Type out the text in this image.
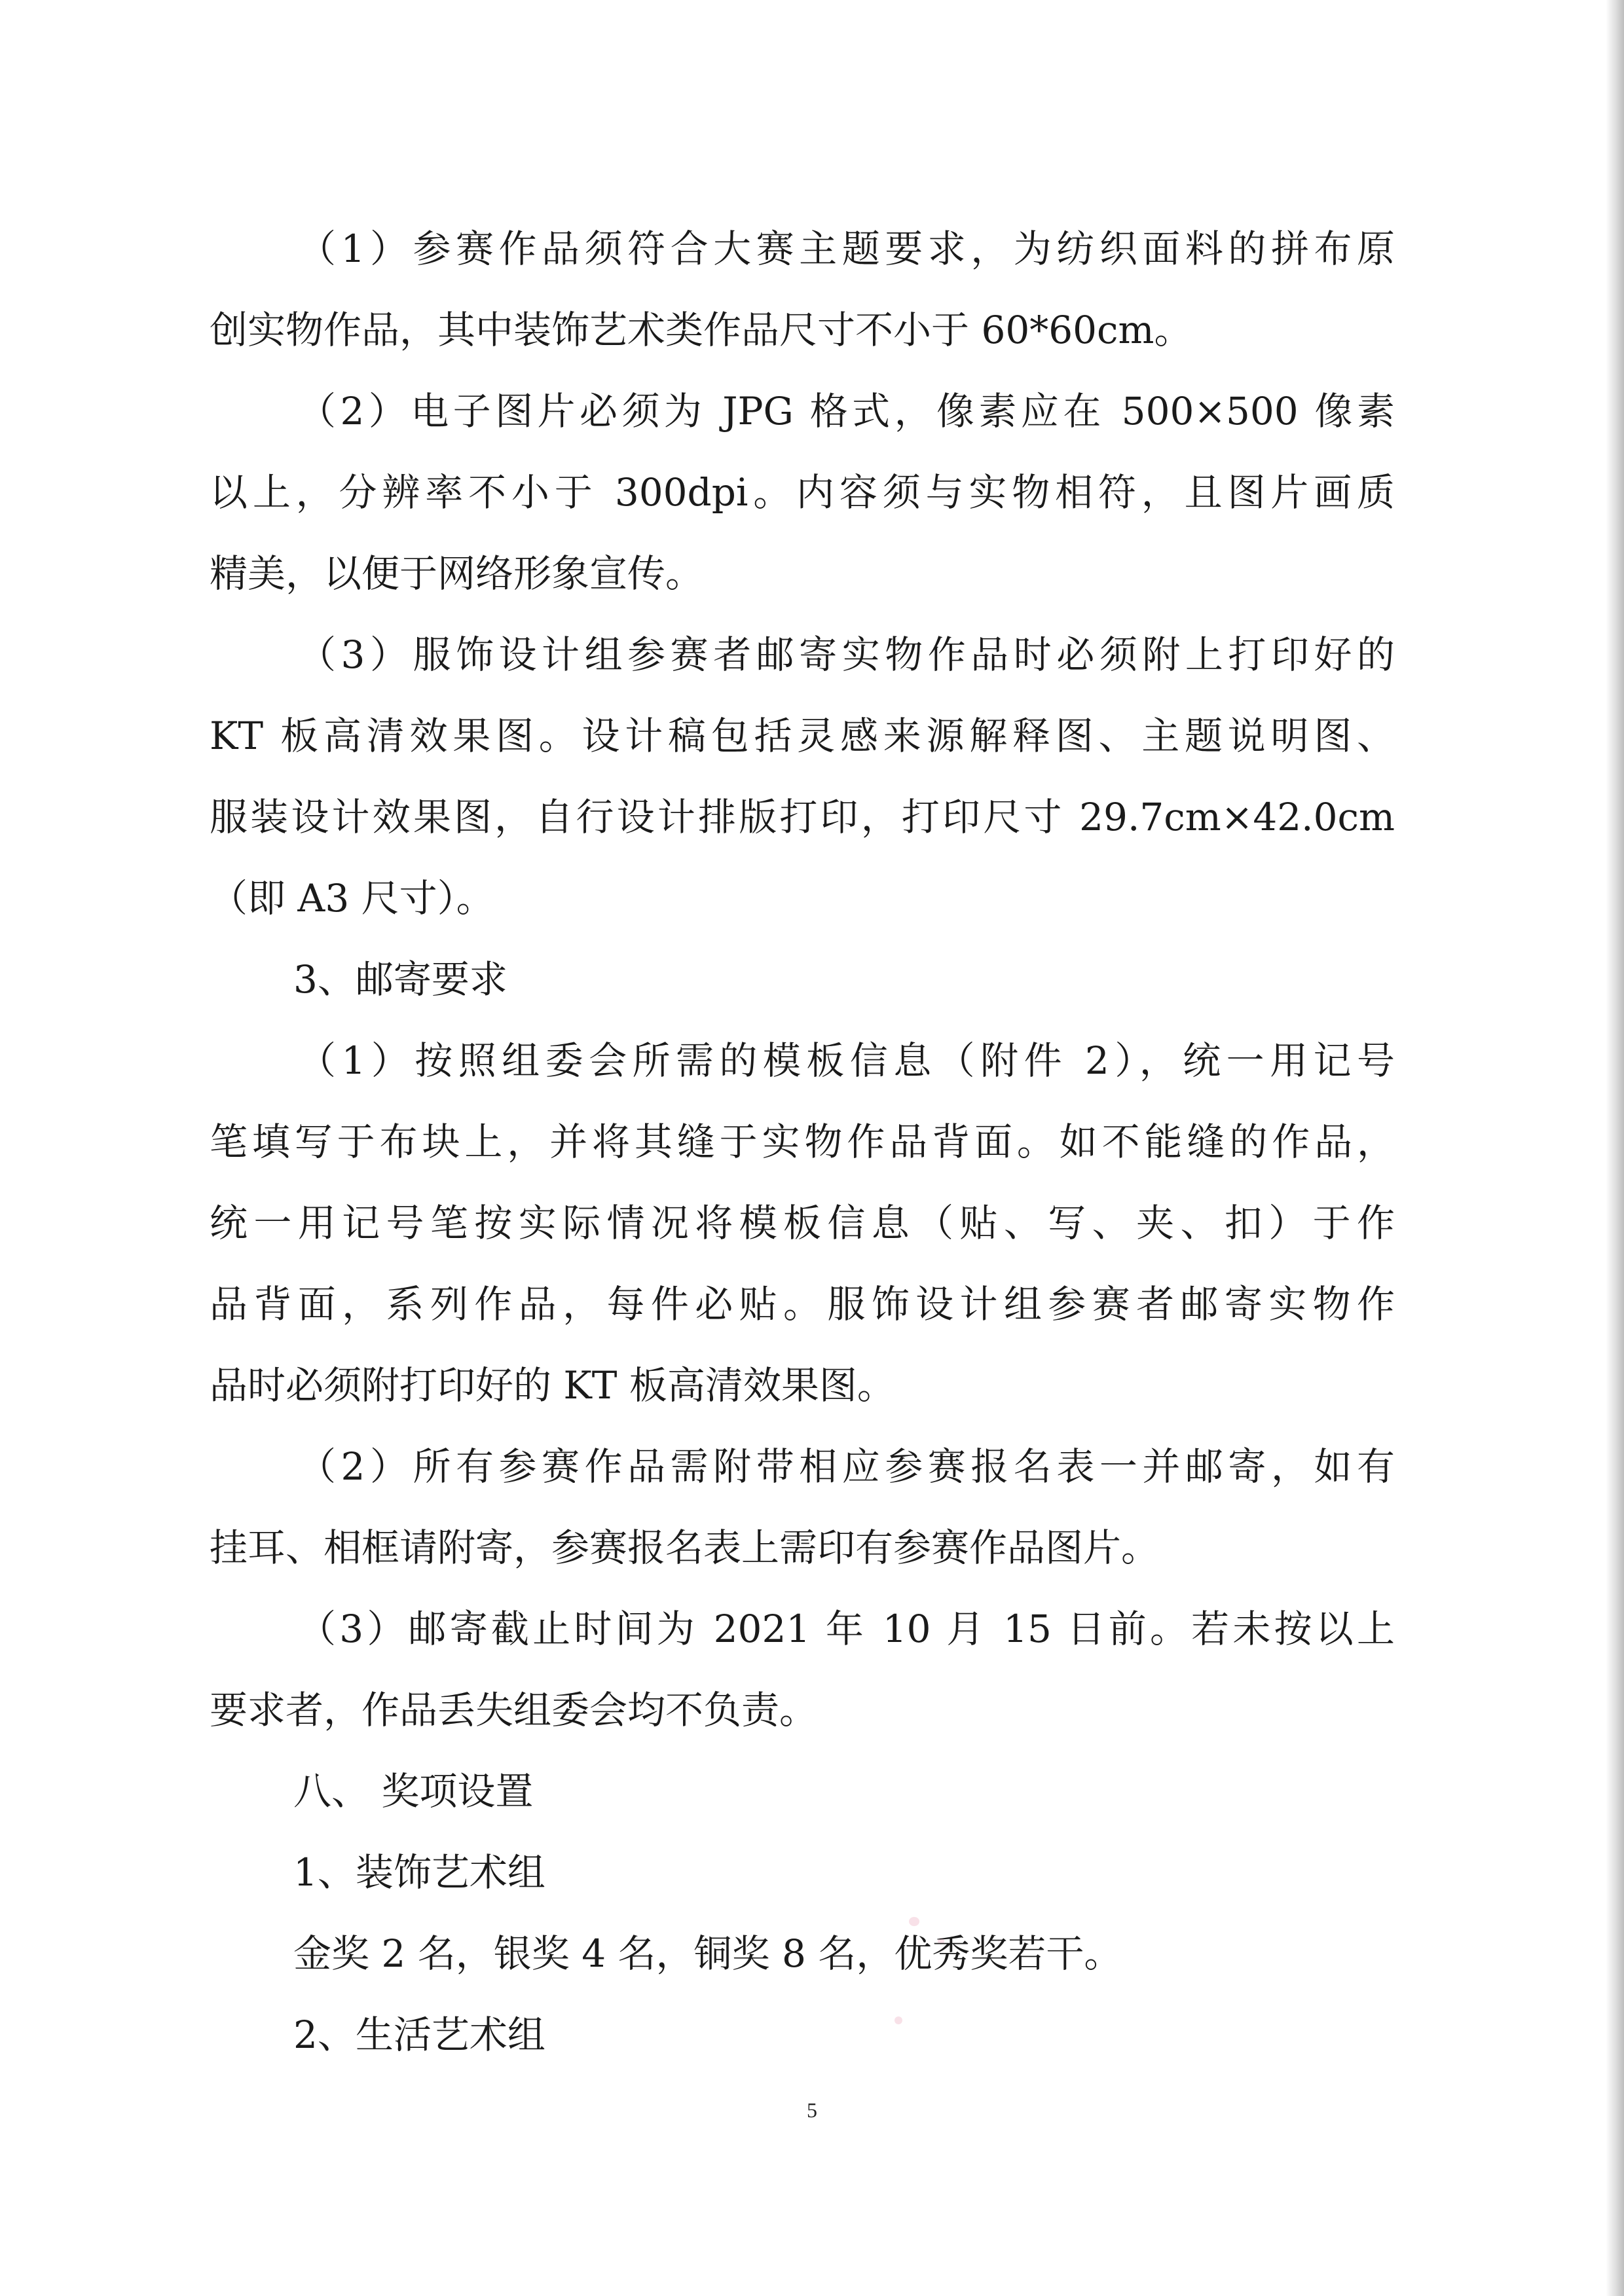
（1）参赛作品须符合大赛主题要求，为纺织面料的拼布原
创实物作品，其中装饰艺术类作品尺寸不小于 60*60cm。
（2）电子图片必须为 JPG 格式，像素应在 500×500 像素
以上，分辨率不小于 300dpi。内容须与实物相符，且图片画质
精美，以便于网络形象宣传。
（3）服饰设计组参赛者邮寄实物作品时必须附上打印好的
KT 板高清效果图。设计稿包括灵感来源解释图、主题说明图、
服装设计效果图，自行设计排版打印，打印尺寸 29.7cm×42.0cm
（即 A3 尺寸）。
3、邮寄要求
（1）按照组委会所需的模板信息（附件 2），统一用记号
笔填写于布块上，并将其缝于实物作品背面。如不能缝的作品，
统一用记号笔按实际情况将模板信息（贴、写、夹、扣）于作
品背面，系列作品，每件必贴。服饰设计组参赛者邮寄实物作
品时必须附打印好的 KT 板高清效果图。
（2）所有参赛作品需附带相应参赛报名表一并邮寄，如有
挂耳、相框请附寄，参赛报名表上需印有参赛作品图片。
（3）邮寄截止时间为 2021 年 10 月 15 日前。若未按以上
要求者，作品丢失组委会均不负责。
八、 奖项设置
1、装饰艺术组
金奖 2 名，银奖 4 名，铜奖 8 名，优秀奖若干。
2、生活艺术组
5
